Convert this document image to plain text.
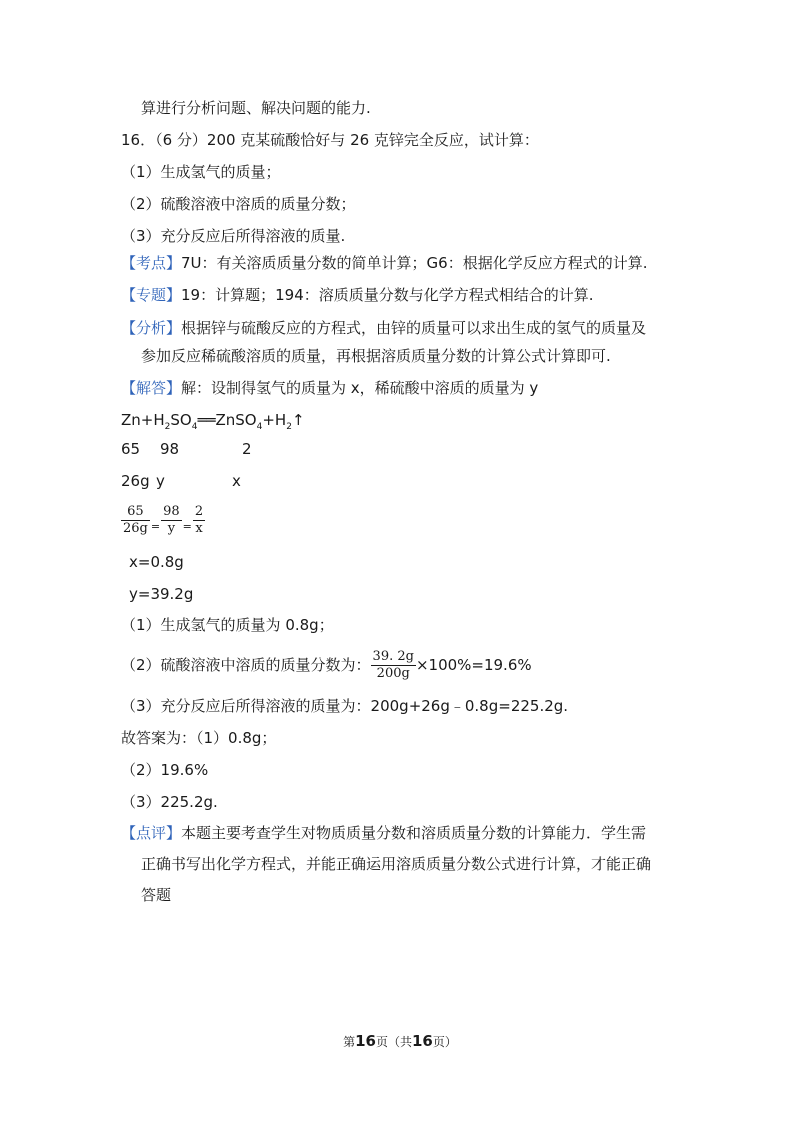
算进行分析问题、解决问题的能力.
16．（6 分）200 克某硫酸恰好与 26 克锌完全反应，试计算：
（1）生成氢气的质量；
（2）硫酸溶液中溶质的质量分数；
（3）充分反应后所得溶液的质量.
【考点】7U：有关溶质质量分数的简单计算；G6：根据化学反应方程式的计算.
【专题】19：计算题；194：溶质质量分数与化学方程式相结合的计算.
【分析】根据锌与硫酸反应的方程式，由锌的质量可以求出生成的氢气的质量及
参加反应稀硫酸溶质的质量，再根据溶质质量分数的计算公式计算即可.
【解答】解：设制得氢气的质量为 x，稀硫酸中溶质的质量为 y
$Zn+H_2SO_4══ZnSO_4+H_2↑$
65 98	2
26g y	x
$\frac{65}{26g} = \frac{98}{y} = \frac{2}{x}$
x=0.8g
y=39.2g
（1）生成氢气的质量为 0.8g；
（2）硫酸溶液中溶质的质量分数为： $\frac{39. 2g}{200g} \times 100\%=19.6\%$
（3）充分反应后所得溶液的质量为：200g+26g﹣0.8g=225.2g.
故答案为：（1）0.8g；
（2）19.6%
（3）225.2g.
【点评】本题主要考查学生对物质质量分数和溶质质量分数的计算能力．学生需
正确书写出化学方程式，并能正确运用溶质质量分数公式进行计算，才能正确
答题
第16页（共16页）
